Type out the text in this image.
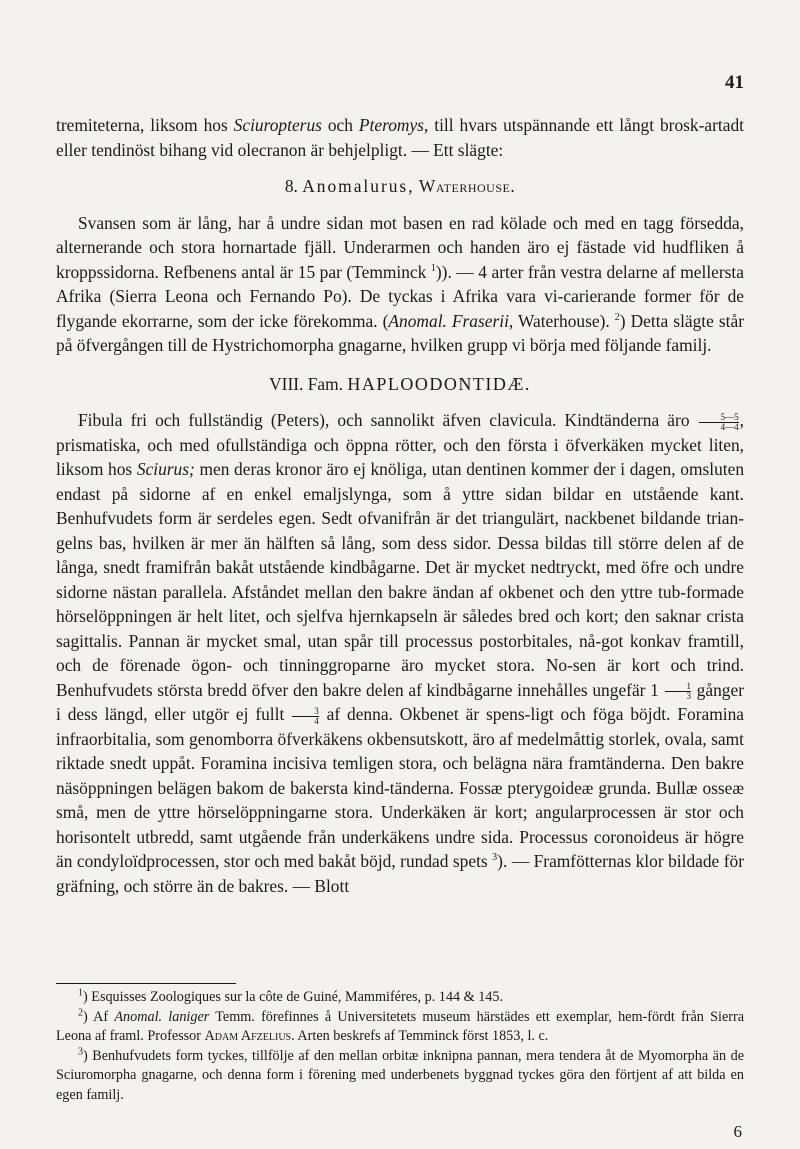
41

tremiteterna, liksom hos Sciuropterus och Pteromys, till hvars utspännande ett långt brosk-artadt eller tendinöst bihang vid olecranon är behjelpligt. — Ett slägte:

8. Anomalurus, Waterhouse.

Svansen som är lång, har å undre sidan mot basen en rad kölade och med en tagg försedda, alternerande och stora hornartade fjäll. Underarmen och handen äro ej fästade vid hudfliken å kroppssidorna. Refbenens antal är 15 par (Temminck $^1$)). — 4 arter från vestra delarne af mellersta Afrika (Sierra Leona och Fernando Po). De tyckas i Afrika vara vi-carierande former för de flygande ekorrarne, som der icke förekomma. (Anomal. Fraserii, Waterhouse). $^2$) Detta slägte står på öfvergången till de Hystrichomorpha gnagarne, hvilken grupp vi börja med följande familj.

VIII. Fam. HAPLOODONTIDÆ.

Fibula fri och fullständig (Peters), och sannolikt äfven clavicula. Kindtänderna äro $\frac{5—5}{4—4}$ , prismatiska, och med ofullständiga och öppna rötter, och den första i öfverkäken mycket liten, liksom hos Sciurus; men deras kronor äro ej knöliga, utan dentinen kommer der i dagen, omsluten endast på sidorne af en enkel emaljslynga, som å yttre sidan bildar en utstående kant. Benhufvudets form är serdeles egen. Sedt ofvanifrån är det triangulärt, nackbenet bildande trian-gelns bas, hvilken är mer än hälften så lång, som dess sidor. Dessa bildas till större delen af de långa, snedt framifrån bakåt utstående kindbågarne. Det är mycket nedtryckt, med öfre och undre sidorne nästan parallela. Afståndet mellan den bakre ändan af okbenet och den yttre tub-formade hörselöppningen är helt litet, och sjelfva hjernkapseln är således bred och kort; den saknar crista sagittalis. Pannan är mycket smal, utan spår till processus postorbitales, nå-got konkav framtill, och de förenade ögon- och tinninggroparne äro mycket stora. No-sen är kort och trind. Benhufvudets största bredd öfver den bakre delen af kindbågarne innehålles ungefär $1 \frac{1}{3}$ gånger i dess längd, eller utgör ej fullt $\frac{3}{4}$ af denna. Okbenet är spens-ligt och föga böjdt. Foramina infraorbitalia, som genomborra öfverkäkens okbensutskott, äro af medelmåttig storlek, ovala, samt riktade snedt uppåt. Foramina incisiva temligen stora, och belägna nära framtänderna. Den bakre näsöppningen belägen bakom de bakersta kind-tänderna. Fossæ pterygoideæ grunda. Bullæ osseæ små, men de yttre hörselöppningarne stora. Underkäken är kort; angularprocessen är stor och horisontelt utbredd, samt utgående från underkäkens undre sida. Processus coronoideus är högre än condyloïdprocessen, stor och med bakåt böjd, rundad spets $^3$). — Framfötternas klor bildade för gräfning, och större än de bakres. — Blott

$^1$) Esquisses Zoologiques sur la côte de Guiné, Mammiféres, p. 144 & 145.

$^2$) Af Anomal. laniger Temm. förefinnes å Universitetets museum härstädes ett exemplar, hem-fördt från Sierra Leona af framl. Professor Adam Afzelius. Arten beskrefs af Temminck först 1853, l. c.

$^3$) Benhufvudets form tyckes, tillfölje af den mellan orbitæ inknipna pannan, mera tendera åt de Myomorpha än de Sciuromorpha gnagarne, och denna form i förening med underbenets byggnad tyckes göra den förtjent af att bilda en egen familj.

6
